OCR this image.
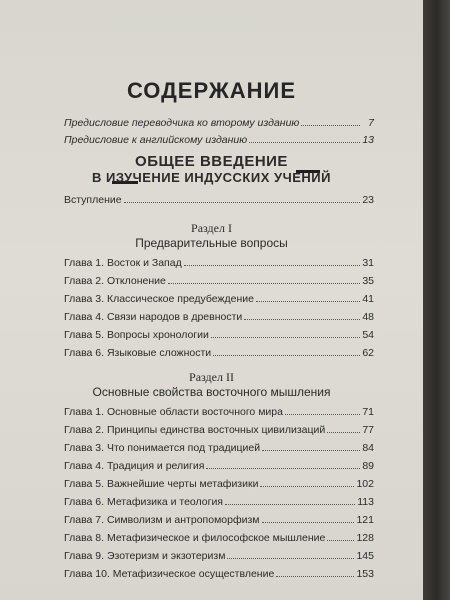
СОДЕРЖАНИЕ
Предисловие переводчика ко второму изданию	7
Предисловие к английскому изданию	13
ОБЩЕЕ ВВЕДЕНИЕ
В ИЗУЧЕНИЕ ИНДУССКИХ УЧЕНИЙ
Вступление	23
Раздел I
Предварительные вопросы
Глава 1. Восток и Запад	31
Глава 2. Отклонение	35
Глава 3. Классическое предубеждение	41
Глава 4. Связи народов в древности	48
Глава 5. Вопросы хронологии	54
Глава 6. Языковые сложности	62
Раздел II
Основные свойства восточного мышления
Глава 1. Основные области восточного мира	71
Глава 2. Принципы единства восточных цивилизаций	77
Глава 3. Что понимается под традицией	84
Глава 4. Традиция и религия	89
Глава 5. Важнейшие черты метафизики	102
Глава 6. Метафизика и теология	113
Глава 7. Символизм и антропоморфизм	121
Глава 8. Метафизическое и философское мышление	128
Глава 9. Эзотеризм и экзотеризм	145
Глава 10. Метафизическое осуществление	153
